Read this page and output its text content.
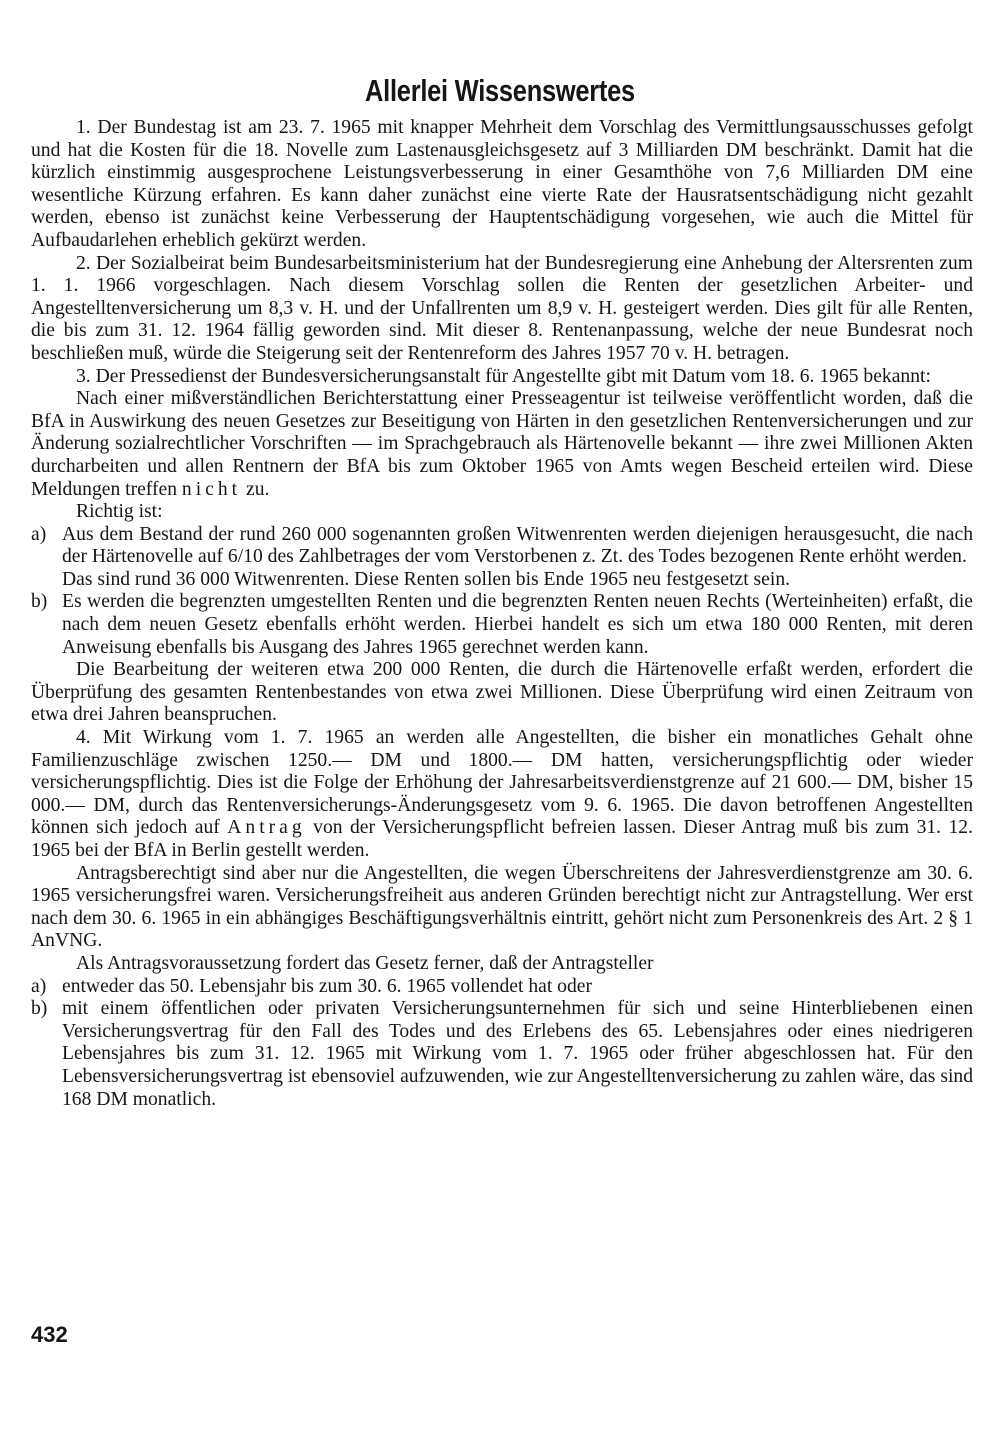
Allerlei Wissenswertes

1. Der Bundestag ist am 23. 7. 1965 mit knapper Mehrheit dem Vorschlag des Vermittlungsausschusses gefolgt und hat die Kosten für die 18. Novelle zum Lastenausgleichsgesetz auf 3 Milliarden DM beschränkt. Damit hat die kürzlich einstimmig ausgesprochene Leistungsverbesserung in einer Gesamthöhe von 7,6 Milliarden DM eine wesentliche Kürzung erfahren. Es kann daher zunächst eine vierte Rate der Hausratsentschädigung nicht gezahlt werden, ebenso ist zunächst keine Verbesserung der Hauptentschädigung vorgesehen, wie auch die Mittel für Aufbaudarlehen erheblich gekürzt werden.

2. Der Sozialbeirat beim Bundesarbeitsministerium hat der Bundesregierung eine Anhebung der Altersrenten zum 1. 1. 1966 vorgeschlagen. Nach diesem Vorschlag sollen die Renten der gesetzlichen Arbeiter- und Angestelltenversicherung um 8,3 v. H. und der Unfallrenten um 8,9 v. H. gesteigert werden. Dies gilt für alle Renten, die bis zum 31. 12. 1964 fällig geworden sind. Mit dieser 8. Rentenanpassung, welche der neue Bundesrat noch beschließen muß, würde die Steigerung seit der Rentenreform des Jahres 1957 70 v. H. betragen.

3. Der Pressedienst der Bundesversicherungsanstalt für Angestellte gibt mit Datum vom 18. 6. 1965 bekannt:

Nach einer mißverständlichen Berichterstattung einer Presseagentur ist teilweise veröffentlicht worden, daß die BfA in Auswirkung des neuen Gesetzes zur Beseitigung von Härten in den gesetzlichen Rentenversicherungen und zur Änderung sozialrechtlicher Vorschriften — im Sprachgebrauch als Härtenovelle bekannt — ihre zwei Millionen Akten durcharbeiten und allen Rentnern der BfA bis zum Oktober 1965 von Amts wegen Bescheid erteilen wird. Diese Meldungen treffen nicht zu.

Richtig ist:

a) Aus dem Bestand der rund 260 000 sogenannten großen Witwenrenten werden diejenigen herausgesucht, die nach der Härtenovelle auf 6/10 des Zahlbetrages der vom Verstorbenen z. Zt. des Todes bezogenen Rente erhöht werden.

Das sind rund 36 000 Witwenrenten. Diese Renten sollen bis Ende 1965 neu festgesetzt sein.

b) Es werden die begrenzten umgestellten Renten und die begrenzten Renten neuen Rechts (Werteinheiten) erfaßt, die nach dem neuen Gesetz ebenfalls erhöht werden. Hierbei handelt es sich um etwa 180 000 Renten, mit deren Anweisung ebenfalls bis Ausgang des Jahres 1965 gerechnet werden kann.

Die Bearbeitung der weiteren etwa 200 000 Renten, die durch die Härtenovelle erfaßt werden, erfordert die Überprüfung des gesamten Rentenbestandes von etwa zwei Millionen. Diese Überprüfung wird einen Zeitraum von etwa drei Jahren beanspruchen.

4. Mit Wirkung vom 1. 7. 1965 an werden alle Angestellten, die bisher ein monatliches Gehalt ohne Familienzuschläge zwischen 1250.— DM und 1800.— DM hatten, versicherungspflichtig oder wieder versicherungspflichtig. Dies ist die Folge der Erhöhung der Jahresarbeitsverdienstgrenze auf 21 600.— DM, bisher 15 000.— DM, durch das Rentenversicherungs-Änderungsgesetz vom 9. 6. 1965. Die davon betroffenen Angestellten können sich jedoch auf Antrag von der Versicherungspflicht befreien lassen. Dieser Antrag muß bis zum 31. 12. 1965 bei der BfA in Berlin gestellt werden.

Antragsberechtigt sind aber nur die Angestellten, die wegen Überschreitens der Jahresverdienstgrenze am 30. 6. 1965 versicherungsfrei waren. Versicherungsfreiheit aus anderen Gründen berechtigt nicht zur Antragstellung. Wer erst nach dem 30. 6. 1965 in ein abhängiges Beschäftigungsverhältnis eintritt, gehört nicht zum Personenkreis des Art. 2 § 1 AnVNG.

Als Antragsvoraussetzung fordert das Gesetz ferner, daß der Antragsteller

a) entweder das 50. Lebensjahr bis zum 30. 6. 1965 vollendet hat oder

b) mit einem öffentlichen oder privaten Versicherungsunternehmen für sich und seine Hinterbliebenen einen Versicherungsvertrag für den Fall des Todes und des Erlebens des 65. Lebensjahres oder eines niedrigeren Lebensjahres bis zum 31. 12. 1965 mit Wirkung vom 1. 7. 1965 oder früher abgeschlossen hat. Für den Lebensversicherungsvertrag ist ebensoviel aufzuwenden, wie zur Angestelltenversicherung zu zahlen wäre, das sind 168 DM monatlich.

432
